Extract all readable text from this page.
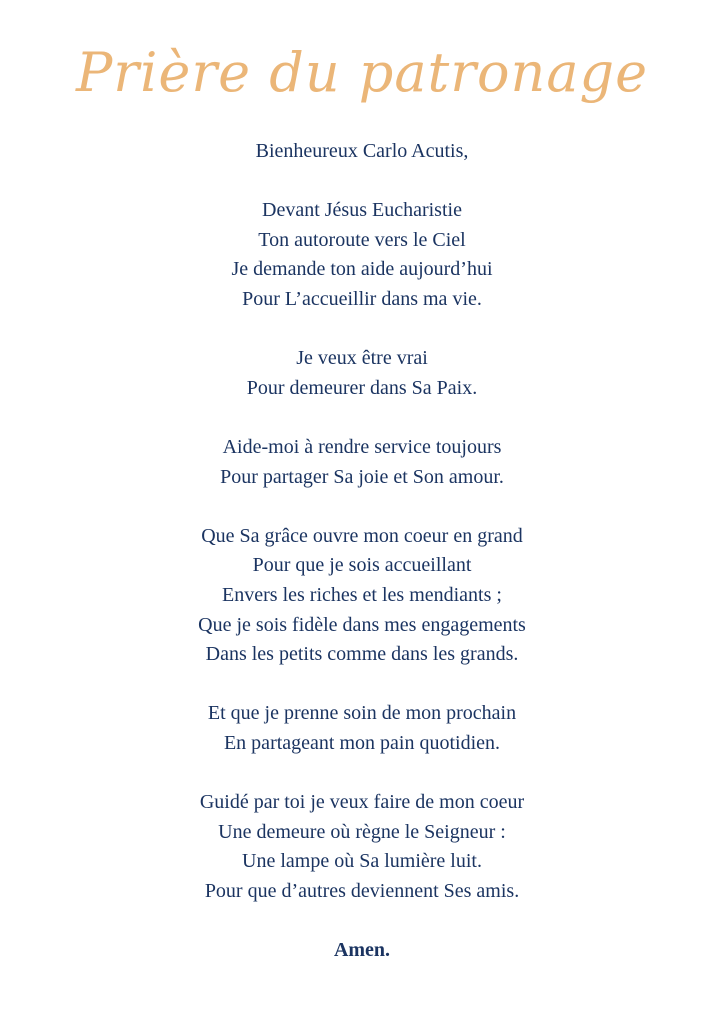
Prière du patronage
Bienheureux Carlo Acutis,
Devant Jésus Eucharistie
Ton autoroute vers le Ciel
Je demande ton aide aujourd’hui
Pour L’accueillir dans ma vie.
Je veux être vrai
Pour demeurer dans Sa Paix.
Aide-moi à rendre service toujours
Pour partager Sa joie et Son amour.
Que Sa grâce ouvre mon coeur en grand
Pour que je sois accueillant
Envers les riches et les mendiants ;
Que je sois fidèle dans mes engagements
Dans les petits comme dans les grands.
Et que je prenne soin de mon prochain
En partageant mon pain quotidien.
Guidé par toi je veux faire de mon coeur
Une demeure où règne le Seigneur :
Une lampe où Sa lumière luit.
Pour que d’autres deviennent Ses amis.
Amen.
